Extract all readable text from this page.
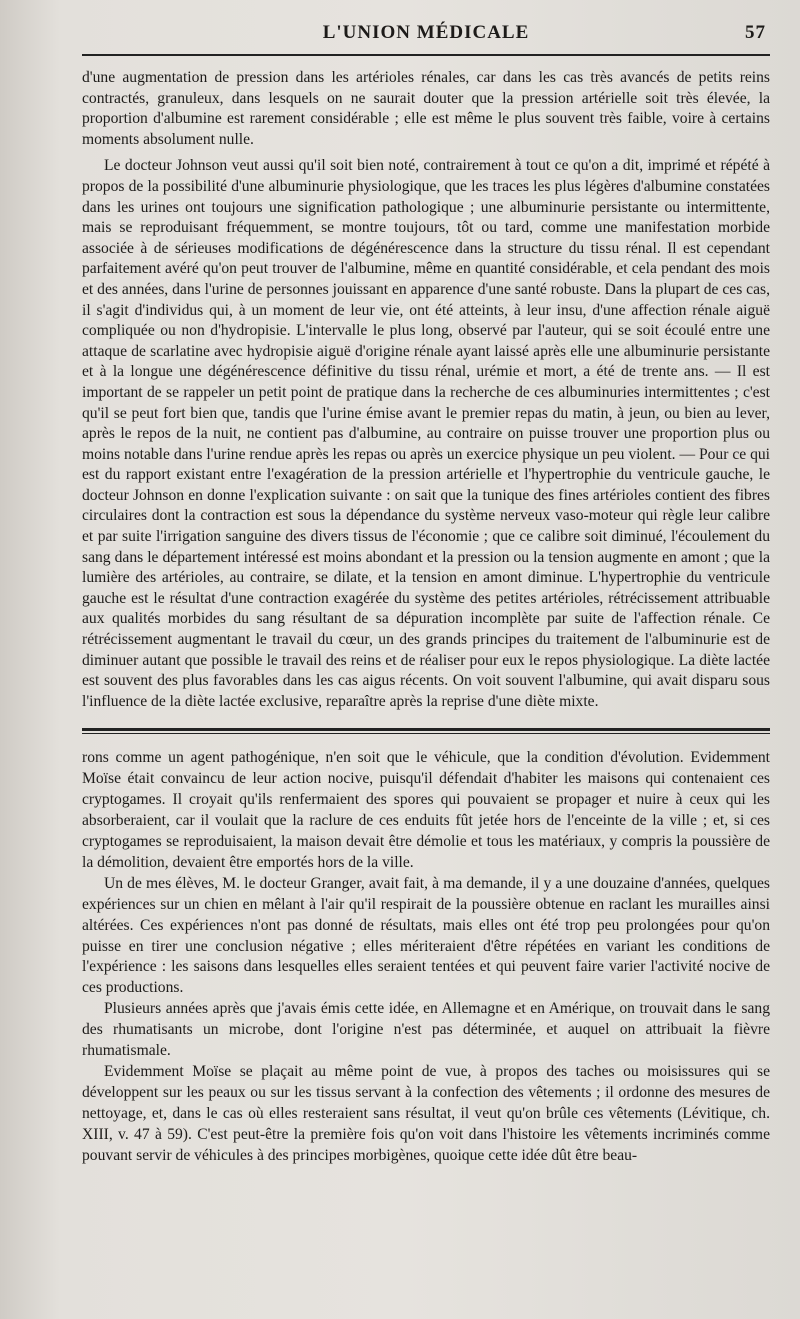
L'UNION MÉDICALE	57

d'une augmentation de pression dans les artérioles rénales, car dans les cas très avancés de petits reins contractés, granuleux, dans lesquels on ne saurait douter que la pression artérielle soit très élevée, la proportion d'albumine est rarement considérable ; elle est même le plus souvent très faible, voire à certains moments absolument nulle.

Le docteur Johnson veut aussi qu'il soit bien noté, contrairement à tout ce qu'on a dit, imprimé et répété à propos de la possibilité d'une albuminurie physiologique, que les traces les plus légères d'albumine constatées dans les urines ont toujours une signification pathologique ; une albuminurie persistante ou intermittente, mais se reproduisant fréquemment, se montre toujours, tôt ou tard, comme une manifestation morbide associée à de sérieuses modifications de dégénérescence dans la structure du tissu rénal. Il est cependant parfaitement avéré qu'on peut trouver de l'albumine, même en quantité considérable, et cela pendant des mois et des années, dans l'urine de personnes jouissant en apparence d'une santé robuste. Dans la plupart de ces cas, il s'agit d'individus qui, à un moment de leur vie, ont été atteints, à leur insu, d'une affection rénale aiguë compliquée ou non d'hydropisie. L'intervalle le plus long, observé par l'auteur, qui se soit écoulé entre une attaque de scarlatine avec hydropisie aiguë d'origine rénale ayant laissé après elle une albuminurie persistante et à la longue une dégénérescence définitive du tissu rénal, urémie et mort, a été de trente ans. — Il est important de se rappeler un petit point de pratique dans la recherche de ces albuminuries intermittentes ; c'est qu'il se peut fort bien que, tandis que l'urine émise avant le premier repas du matin, à jeun, ou bien au lever, après le repos de la nuit, ne contient pas d'albumine, au contraire on puisse trouver une proportion plus ou moins notable dans l'urine rendue après les repas ou après un exercice physique un peu violent. — Pour ce qui est du rapport existant entre l'exagération de la pression artérielle et l'hypertrophie du ventricule gauche, le docteur Johnson en donne l'explication suivante : on sait que la tunique des fines artérioles contient des fibres circulaires dont la contraction est sous la dépendance du système nerveux vaso-moteur qui règle leur calibre et par suite l'irrigation sanguine des divers tissus de l'économie ; que ce calibre soit diminué, l'écoulement du sang dans le département intéressé est moins abondant et la pression ou la tension augmente en amont ; que la lumière des artérioles, au contraire, se dilate, et la tension en amont diminue. L'hypertrophie du ventricule gauche est le résultat d'une contraction exagérée du système des petites artérioles, rétrécissement attribuable aux qualités morbides du sang résultant de sa dépuration incomplète par suite de l'affection rénale. Ce rétrécissement augmentant le travail du cœur, un des grands principes du traitement de l'albuminurie est de diminuer autant que possible le travail des reins et de réaliser pour eux le repos physiologique. La diète lactée est souvent des plus favorables dans les cas aigus récents. On voit souvent l'albumine, qui avait disparu sous l'influence de la diète lactée exclusive, reparaître après la reprise d'une diète mixte.

rons comme un agent pathogénique, n'en soit que le véhicule, que la condition d'évolution. Evidemment Moïse était convaincu de leur action nocive, puisqu'il défendait d'habiter les maisons qui contenaient ces cryptogames. Il croyait qu'ils renfermaient des spores qui pouvaient se propager et nuire à ceux qui les absorberaient, car il voulait que la raclure de ces enduits fût jetée hors de l'enceinte de la ville ; et, si ces cryptogames se reproduisaient, la maison devait être démolie et tous les matériaux, y compris la poussière de la démolition, devaient être emportés hors de la ville.

Un de mes élèves, M. le docteur Granger, avait fait, à ma demande, il y a une douzaine d'années, quelques expériences sur un chien en mêlant à l'air qu'il respirait de la poussière obtenue en raclant les murailles ainsi altérées. Ces expériences n'ont pas donné de résultats, mais elles ont été trop peu prolongées pour qu'on puisse en tirer une conclusion négative ; elles mériteraient d'être répétées en variant les conditions de l'expérience : les saisons dans lesquelles elles seraient tentées et qui peuvent faire varier l'activité nocive de ces productions.

Plusieurs années après que j'avais émis cette idée, en Allemagne et en Amérique, on trouvait dans le sang des rhumatisants un microbe, dont l'origine n'est pas déterminée, et auquel on attribuait la fièvre rhumatismale.

Evidemment Moïse se plaçait au même point de vue, à propos des taches ou moisissures qui se développent sur les peaux ou sur les tissus servant à la confection des vêtements ; il ordonne des mesures de nettoyage, et, dans le cas où elles resteraient sans résultat, il veut qu'on brûle ces vêtements (Lévitique, ch. XIII, v. 47 à 59). C'est peut-être la première fois qu'on voit dans l'histoire les vêtements incriminés comme pouvant servir de véhicules à des principes morbigènes, quoique cette idée dût être beau-
